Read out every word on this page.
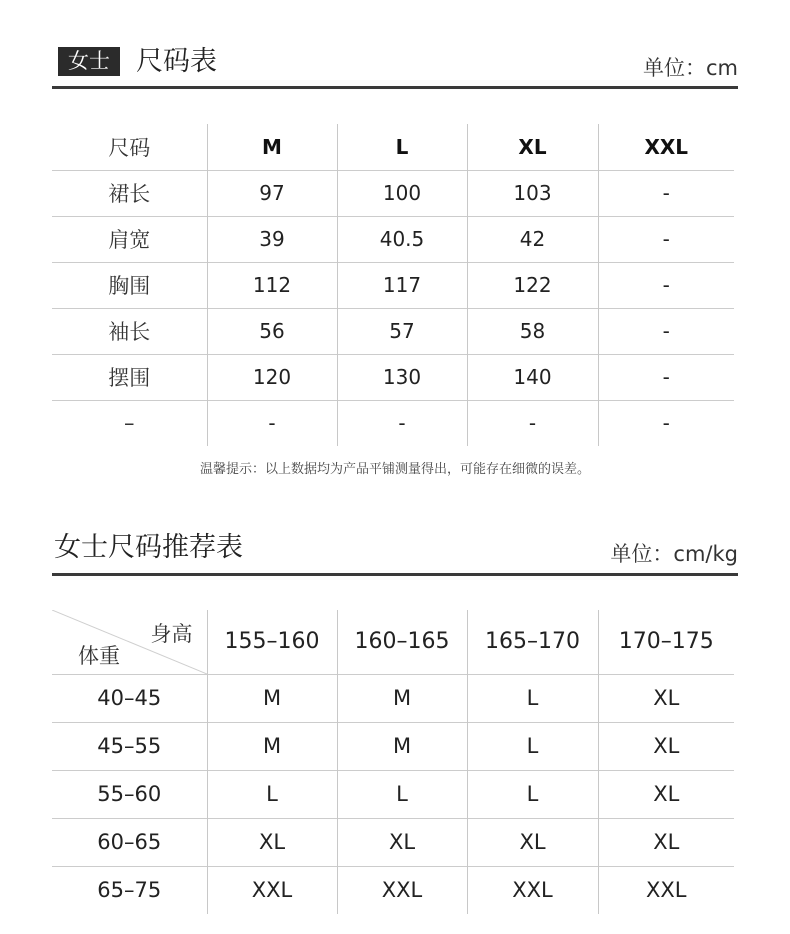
女士 尺码表	单位：cm
尺码	M	L	XL	XXL
裙长	97	100	103	-
肩宽	39	40.5	42	-
胸围	112	117	122	-
袖长	56	57	58	-
摆围	120	130	140	-
–	-	-	-	-
温馨提示：以上数据均为产品平铺测量得出，可能存在细微的误差。
女士尺码推荐表	单位：cm/kg
身高
体重	155–160	160–165	165–170	170–175
40–45	M	M	L	XL
45–55	M	M	L	XL
55–60	L	L	L	XL
60–65	XL	XL	XL	XL
65–75	XXL	XXL	XXL	XXL
